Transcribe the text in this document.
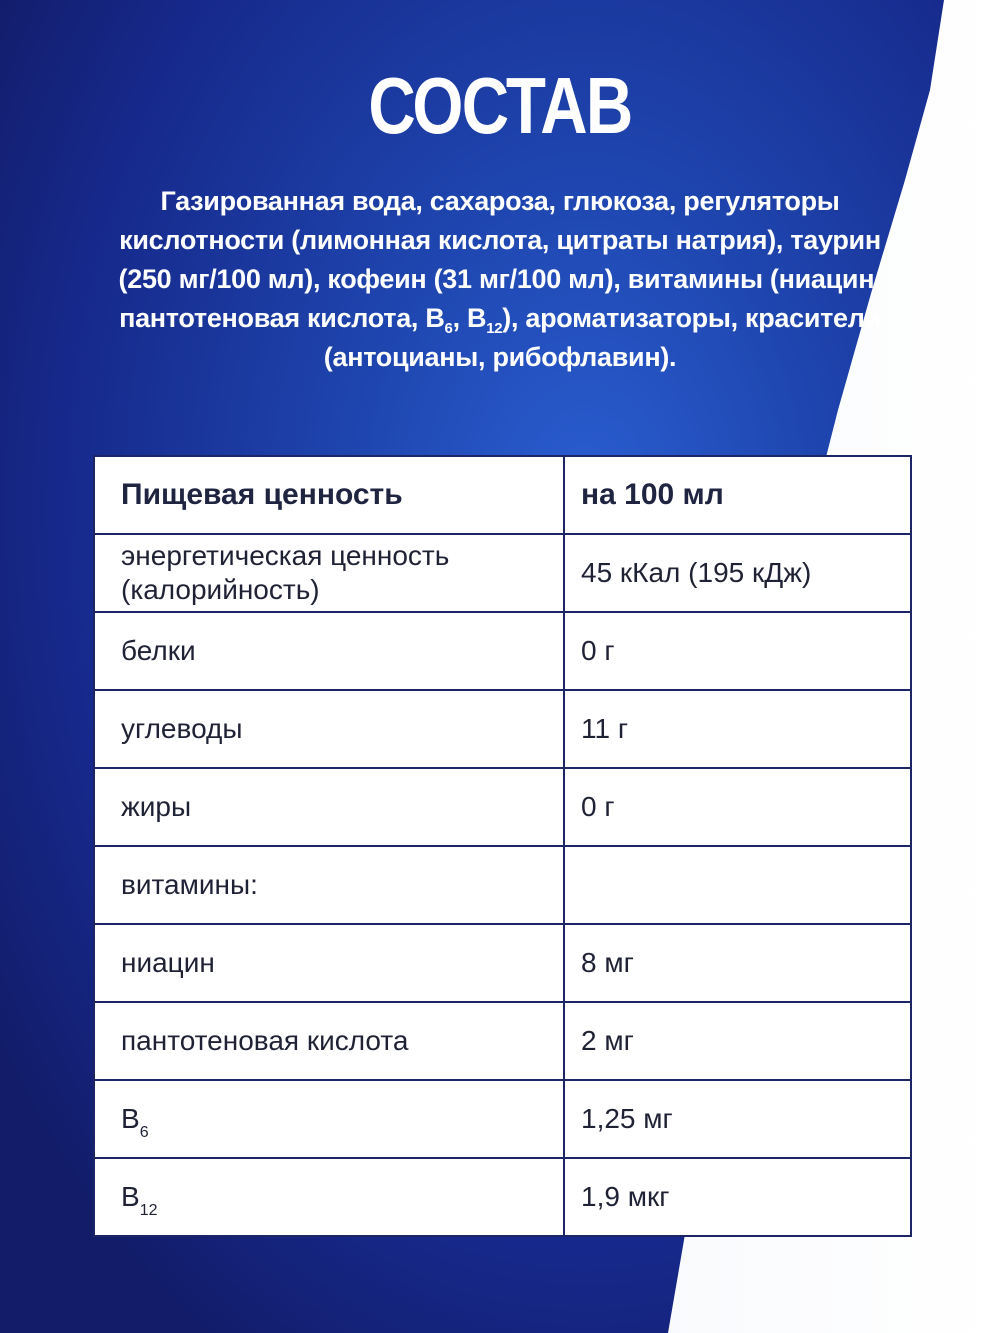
СОСТАВ
Газированная вода, сахароза, глюкоза, регуляторы кислотности (лимонная кислота, цитраты натрия), таурин (250 мг/100 мл), кофеин (31 мг/100 мл), витамины (ниацин, пантотеновая кислота, $B_6$, $B_{12}$), ароматизаторы, красители (антоцианы, рибофлавин).
Пищевая ценность	на 100 мл
энергетическая ценность (калорийность)	45 кКал (195 кДж)
белки	0 г
углеводы	11 г
жиры	0 г
витамины:	
ниацин	8 мг
пантотеновая кислота	2 мг
$B_6$	1,25 мг
$B_{12}$	1,9 мкг
